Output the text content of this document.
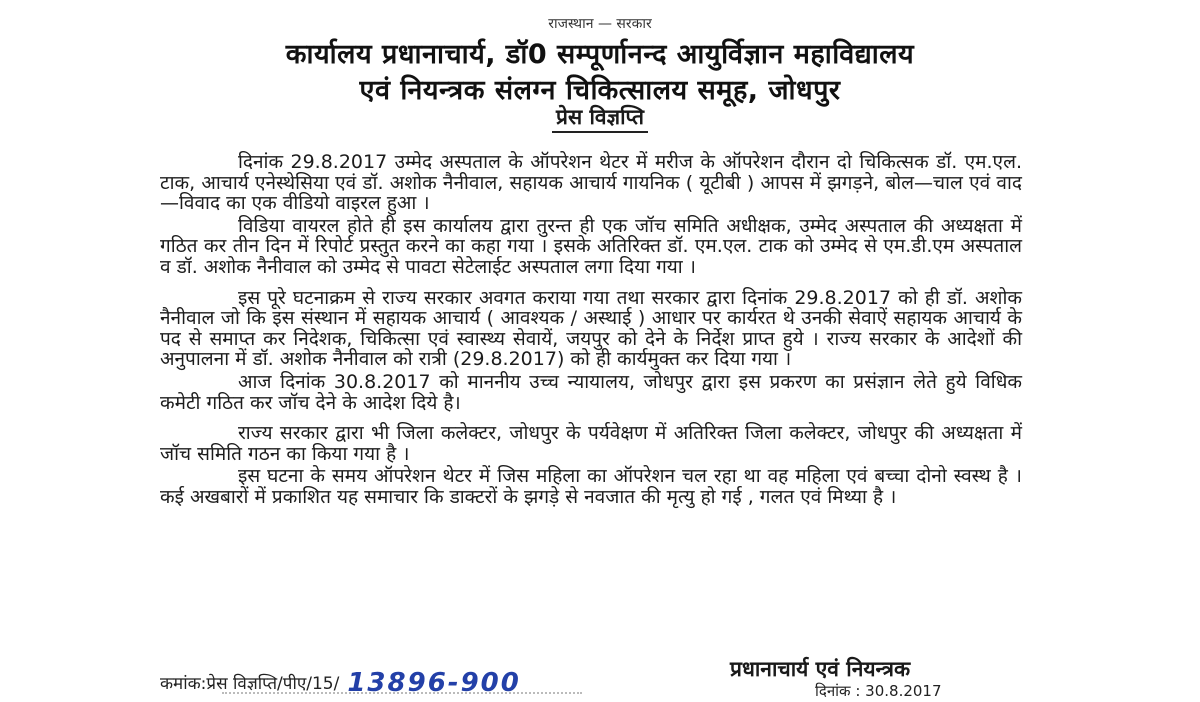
राजस्थान — सरकार
कार्यालय प्रधानाचार्य, डॉ0 सम्पूर्णानन्द आयुर्विज्ञान महाविद्यालय
एवं नियन्त्रक संलग्न चिकित्सालय समूह, जोधपुर
प्रेस विज्ञप्ति

दिनांक 29.8.2017 उम्मेद अस्पताल के ऑपरेशन थेटर में मरीज के ऑपरेशन दौरान दो चिकित्सक डॉ. एम.एल. टाक, आचार्य एनेस्थेसिया एवं डॉ. अशोक नैनीवाल, सहायक आचार्य गायनिक ( यूटीबी ) आपस में झगड़ने, बोल—चाल एवं वाद—विवाद का एक वीडियो वाइरल हुआ ।

विडिया वायरल होते ही इस कार्यालय द्वारा तुरन्त ही एक जॉच समिति अधीक्षक, उम्मेद अस्पताल की अध्यक्षता में गठित कर तीन दिन में रिपोर्ट प्रस्तुत करने का कहा गया । इसके अतिरिक्त डॉ. एम.एल. टाक को उम्मेद से एम.डी.एम अस्पताल व डॉ. अशोक नैनीवाल को उम्मेद से पावटा सेटेलाईट अस्पताल लगा दिया गया ।

इस पूरे घटनाक्रम से राज्य सरकार अवगत कराया गया तथा सरकार द्वारा दिनांक 29.8.2017 को ही डॉ. अशोक नैनीवाल जो कि इस संस्थान में सहायक आचार्य ( आवश्यक / अस्थाई ) आधार पर कार्यरत थे उनकी सेवाऐं सहायक आचार्य के पद से समाप्त कर निदेशक, चिकित्सा एवं स्वास्थ्य सेवायें, जयपुर को देने के निर्देश प्राप्त हुये । राज्य सरकार के आदेशों की अनुपालना में डॉ. अशोक नैनीवाल को रात्री (29.8.2017) को ही कार्यमुक्त कर दिया गया ।

आज दिनांक 30.8.2017 को माननीय उच्च न्यायालय, जोधपुर द्वारा इस प्रकरण का प्रसंज्ञान लेते हुये विधिक कमेटी गठित कर जॉच देने के आदेश दिये है।

राज्य सरकार द्वारा भी जिला कलेक्टर, जोधपुर के पर्यवेक्षण में अतिरिक्त जिला कलेक्टर, जोधपुर की अध्यक्षता में जॉच समिति गठन का किया गया है ।

इस घटना के समय ऑपरेशन थेटर में जिस महिला का ऑपरेशन चल रहा था वह महिला एवं बच्चा दोनो स्वस्थ है । कई अखबारों में प्रकाशित यह समाचार कि डाक्टरों के झगड़े से नवजात की मृत्यु हो गई , गलत एवं मिथ्या है ।

कमांक:प्रेस विज्ञप्ति/पीए/15/ 13896-900	प्रधानाचार्य एवं नियन्त्रक
दिनांक : 30.8.2017
